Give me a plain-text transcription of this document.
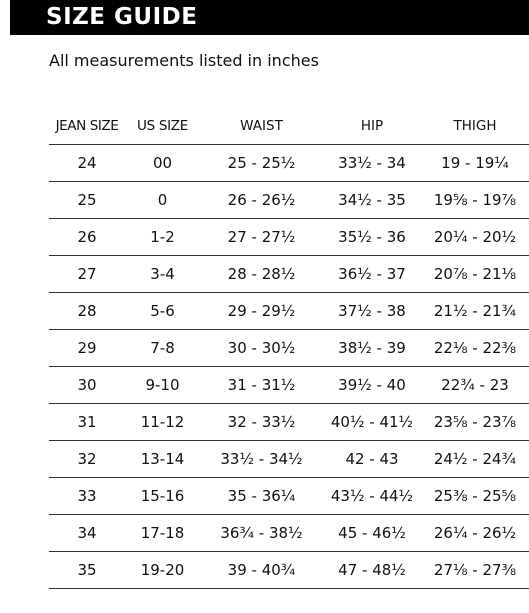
SIZE GUIDE
All measurements listed in inches
JEAN SIZE	US SIZE	WAIST	HIP	THIGH
24	00	25 - 25½	33½ - 34	19 - 19¼
25	0	26 - 26½	34½ - 35	19⅝ - 19⅞
26	1-2	27 - 27½	35½ - 36	20¼ - 20½
27	3-4	28 - 28½	36½ - 37	20⅞ - 21⅛
28	5-6	29 - 29½	37½ - 38	21½ - 21¾
29	7-8	30 - 30½	38½ - 39	22⅛ - 22⅜
30	9-10	31 - 31½	39½ - 40	22¾ - 23
31	11-12	32 - 33½	40½ - 41½	23⅝ - 23⅞
32	13-14	33½ - 34½	42 - 43	24½ - 24¾
33	15-16	35 - 36¼	43½ - 44½	25⅜ - 25⅝
34	17-18	36¾ - 38½	45 - 46½	26¼ - 26½
35	19-20	39 - 40¾	47 - 48½	27⅛ - 27⅜
